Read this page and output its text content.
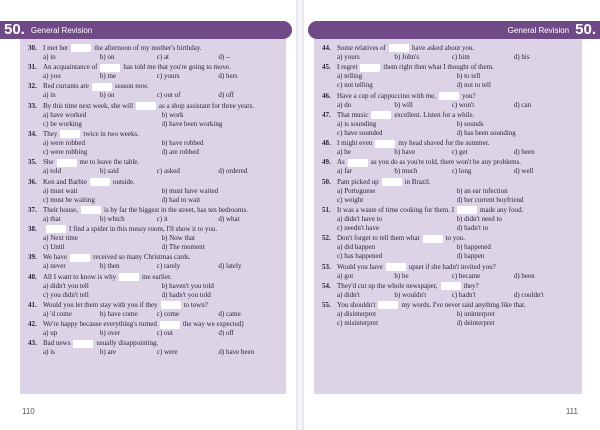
50. General Revision
30. I met her	the afternoon of my mother's birthday.
a) in	b) on	c) at	d) –
31. An acquaintance of	has told me that you're going to move.
a) you	b) me	c) yours	d) hers
32. Red currants are	season now.
a) in	b) on	c) out of	d) off
33. By this time next week, she will	as a shop assistant for three years.
a) have worked	b) work
c) be working	d) have been working
34. They	twice in two weeks.
a) were robbed	b) have robbed
c) were robbing	d) are robbed
35. She	me to leave the table.
a) told	b) said	c) asked	d) ordered
36. Ken and Barbie	outside.
a) must wait	b) must have waited
c) must be waiting	d) had to wait
37. Their house,	is by far the biggest in the street, has ten bedrooms.
a) that	b) which	c) it	d) what
38.	I find a spider in this messy room, I'll show it to you.
a) Next time	b) Now that
c) Until	d) The moment
39. We have	received so many Christmas cards.
a) never	b) then	c) rarely	d) lately
40. All I want to know is why	me earlier.
a) didn't you tell	b) haven't you told
c) you didn't tell	d) hadn't you told
41. Would you let them stay with you if they	to town?
a) 'd come	b) have come	c) come	d) came
42. We're happy because everything's turned	the way we expected)
a) up	b) over	c) out	d) off
43. Bad news	usually disappointing.
a) is	b) are	c) were	d) have been
110
General Revision 50.
44. Some relatives of	have asked about you.
a) yours	b) John's	c) him	d) his
45. I regret	them right then what I thought of them.
a) telling	b) to tell
c) not telling	d) not to tell
46. Have a cup of cappuccino with me,	you?
a) do	b) will	c) won't	d) can
47. That music	excellent. Listen for a while.
a) is sounding	b) sounds
c) have sounded	d) has been sounding
48. I might even	my head shaved for the summer.
a) be	b) have	c) get	d) been
49. As	as you do as you're told, there won't be any problems.
a) far	b) much	c) long	d) well
50. Pam picked up	in Brazil.
a) Portuguese	b) an ear infection
c) weight	d) her current boyfriend
51. It was a waste of time cooking for them. I	made any food.
a) didn't have to	b) didn't need to
c) needn't have	d) hadn't to
52. Don't forget to tell them what	to you.
a) did happen	b) happened
c) has happened	d) happen
53. Would you have	upset if she hadn't invited you?
a) got	b) be	c) became	d) been
54. They'd cut up the whole newspaper,	they?
a) didn't	b) wouldn't	c) hadn't	d) couldn't
55. You shouldn't	my words. I've never said anything like that.
a) disinterpret	b) uninterpret
c) misinterpret	d) deinterpret
111
